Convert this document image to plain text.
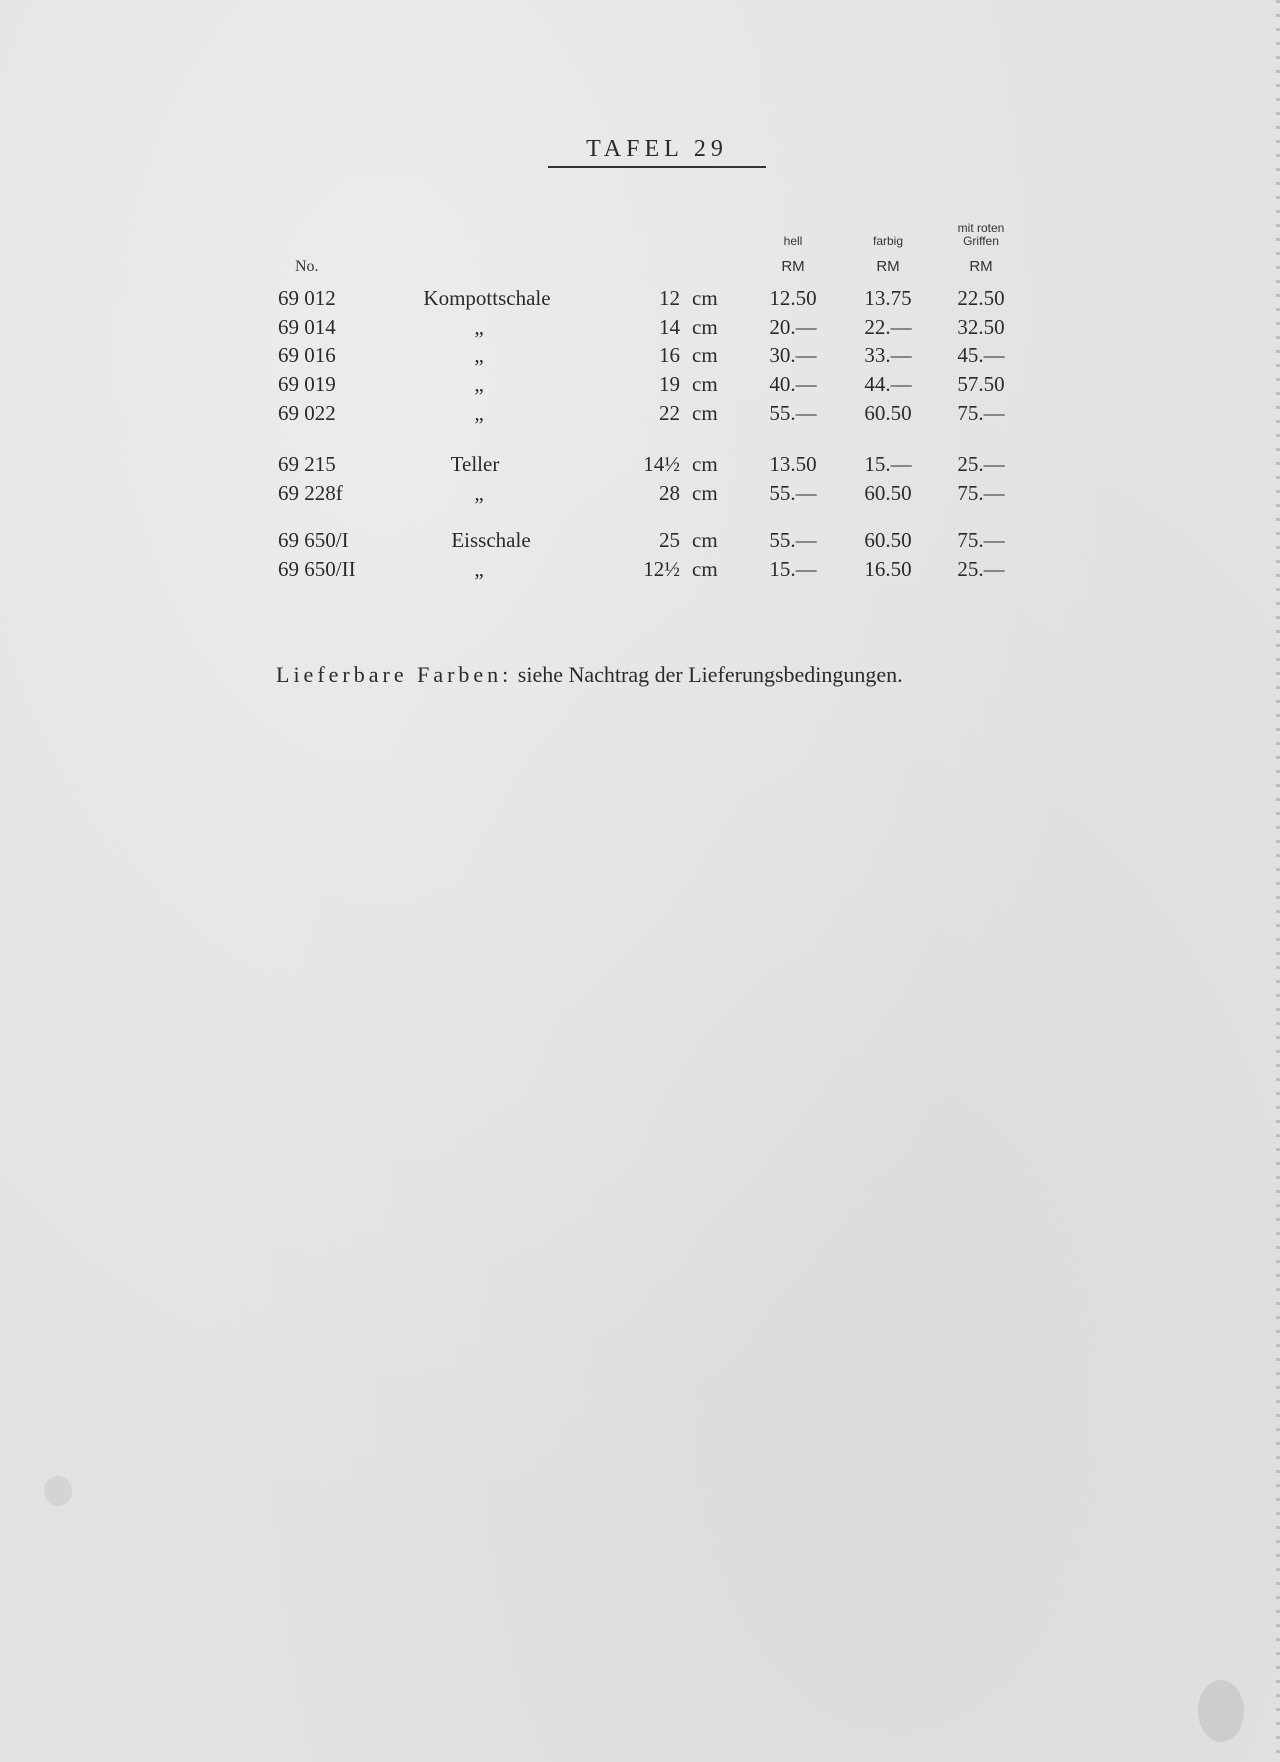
TAFEL 29
No.
hell	farbig
mit roten
Griffen
RM	RM	RM
69 012	Kompottschale	12 cm	12.50	13.75	22.50
69 014	„	14 cm	20.—	22.—	32.50
69 016	„	16 cm	30.—	33.—	45.—
69 019	„	19 cm	40.—	44.—	57.50
69 022	„	22 cm	55.—	60.50	75.—
69 215	Teller	14½ cm	13.50	15.—	25.—
69 228f	„	28 cm	55.—	60.50	75.—
69 650/I	Eisschale	25 cm	55.—	60.50	75.—
69 650/II	„	12½ cm	15.—	16.50	25.—
Lieferbare Farben: siehe Nachtrag der Lieferungsbedingungen.
